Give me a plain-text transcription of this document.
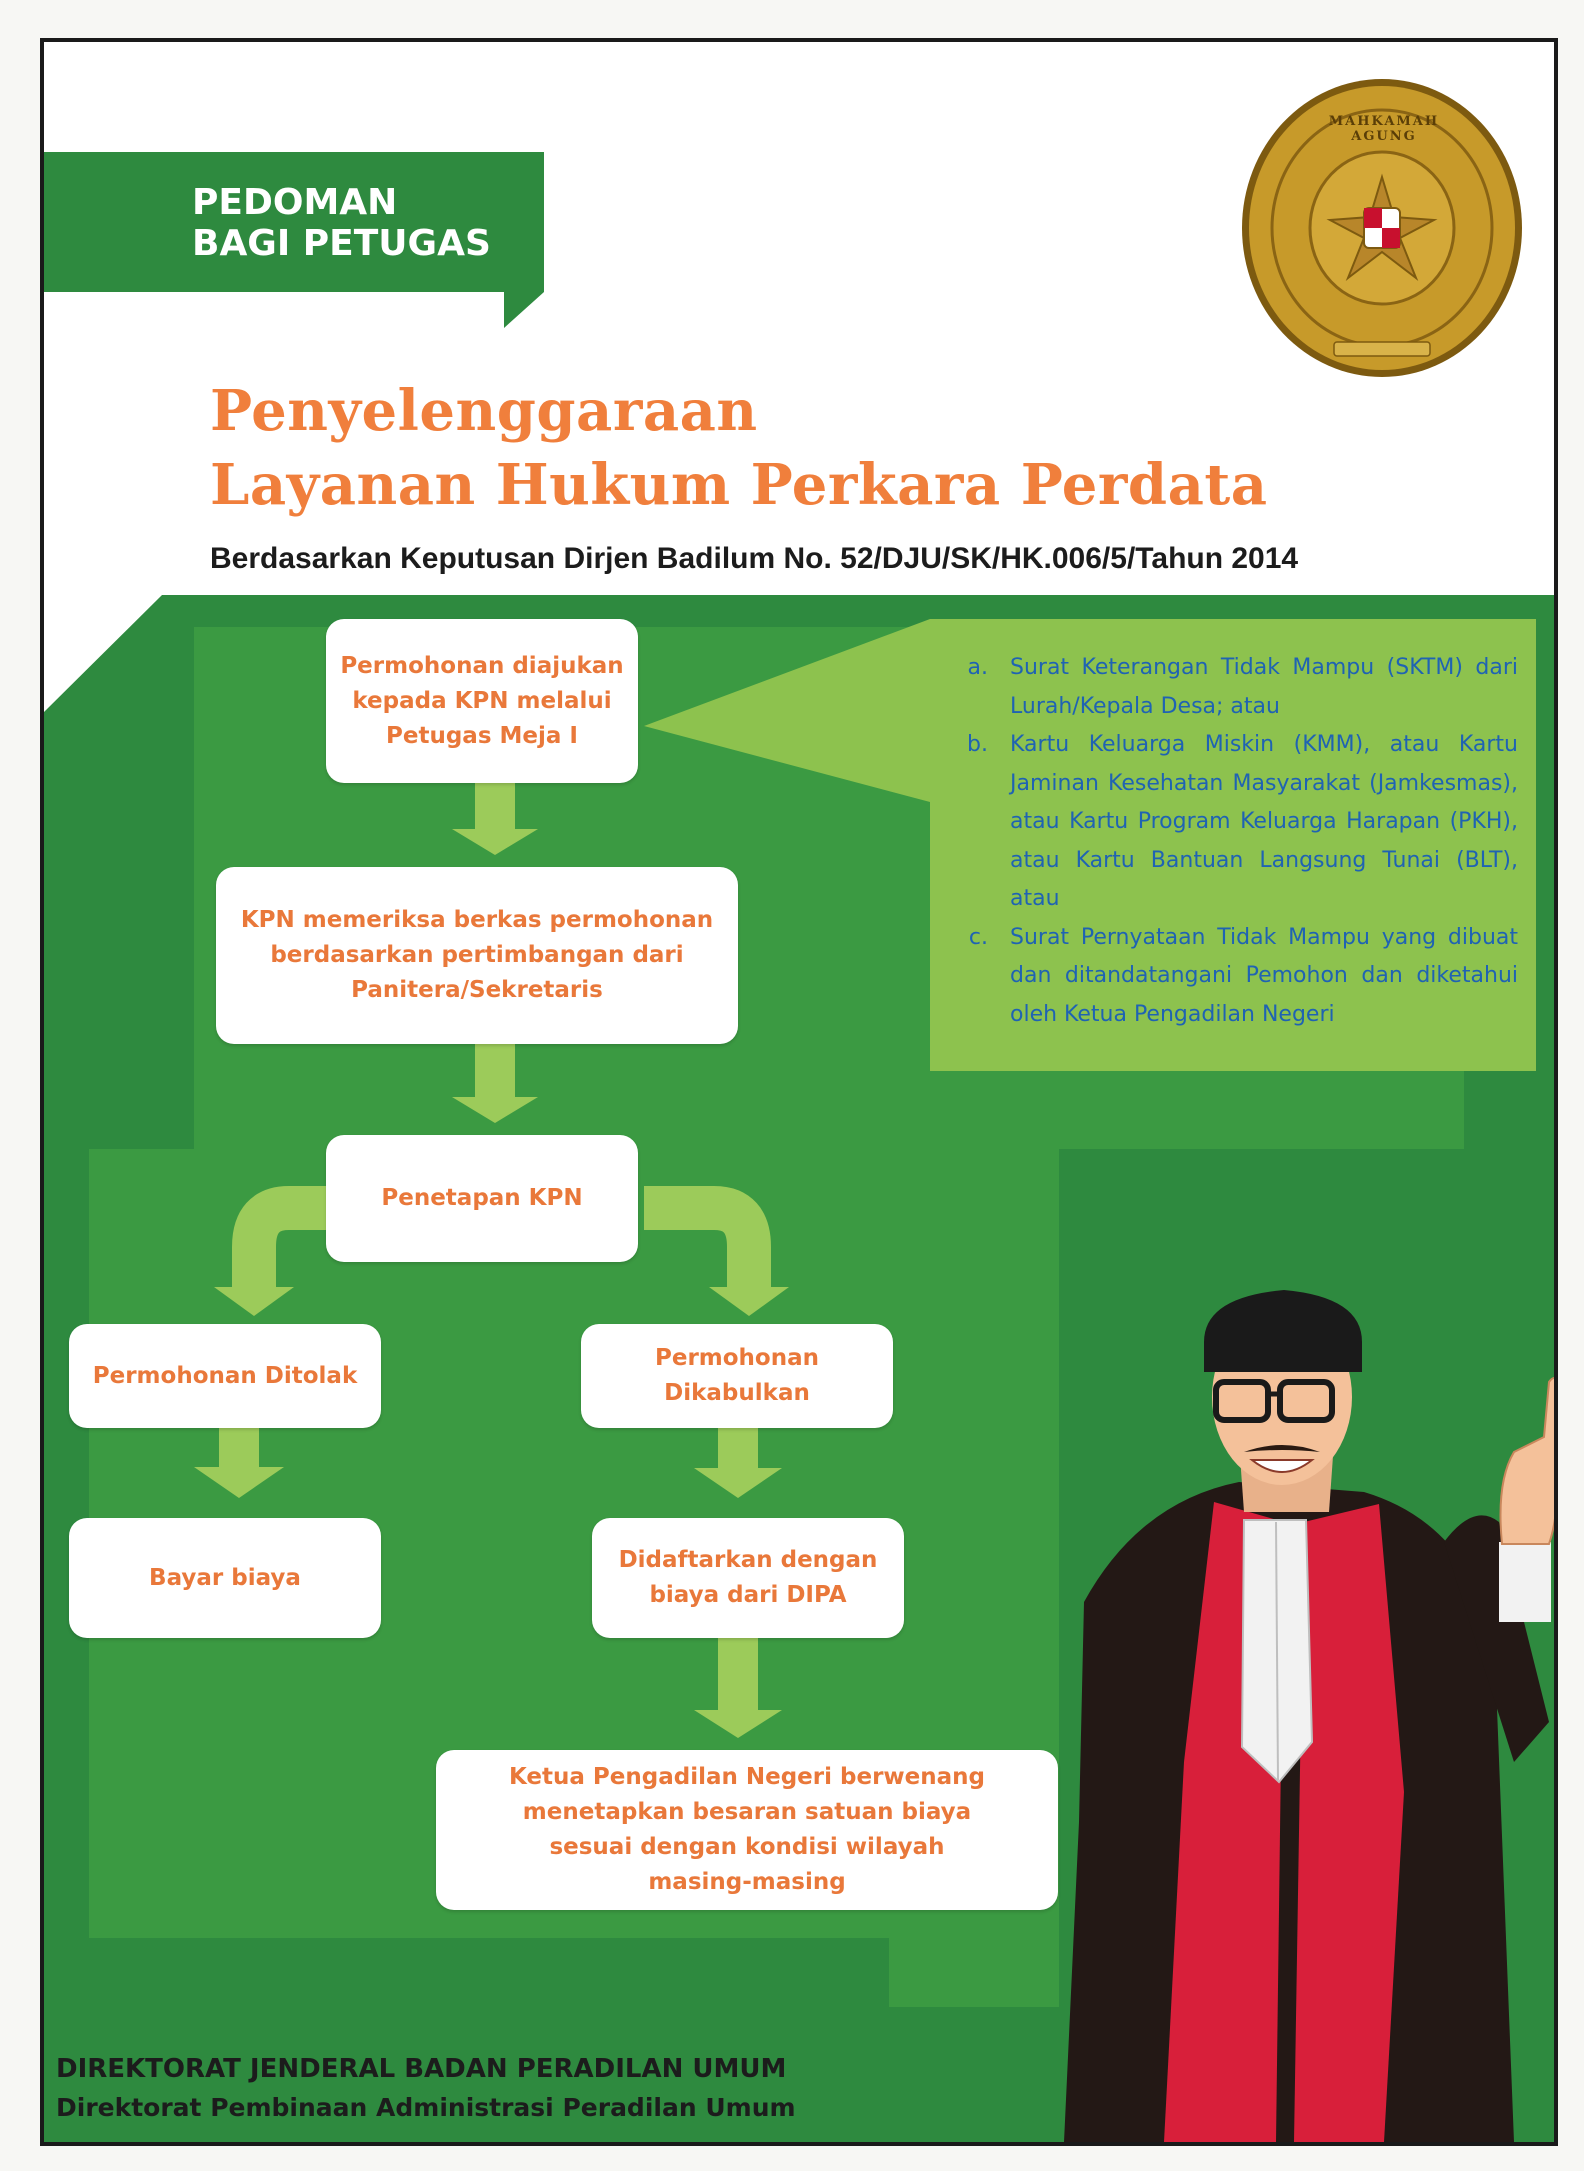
MAHKAMAH AGUNG
PEDOMAN
BAGI PETUGAS
Penyelenggaraan
Layanan Hukum Perkara Perdata
Berdasarkan Keputusan Dirjen Badilum No. 52/DJU/SK/HK.006/5/Tahun 2014
Permohonan diajukan kepada KPN melalui Petugas Meja I
KPN memeriksa berkas permohonan berdasarkan pertimbangan dari Panitera/Sekretaris
Penetapan KPN
Permohonan Ditolak
Permohonan Dikabulkan
Bayar biaya
Didaftarkan dengan biaya dari DIPA
Ketua Pengadilan Negeri berwenang menetapkan besaran satuan biaya sesuai dengan kondisi wilayah masing-masing
a.	Surat Keterangan Tidak Mampu (SKTM) dari Lurah/Kepala Desa; atau
b.	Kartu Keluarga Miskin (KMM), atau Kartu Jaminan Kesehatan Masyarakat (Jamkesmas), atau Kartu Program Keluarga Harapan (PKH), atau Kartu Bantuan Langsung Tunai (BLT), atau
c.	Surat Pernyataan Tidak Mampu yang dibuat dan ditandatangani Pemohon dan diketahui oleh Ketua Pengadilan Negeri
DIREKTORAT JENDERAL BADAN PERADILAN UMUM
Direktorat Pembinaan Administrasi Peradilan Umum
